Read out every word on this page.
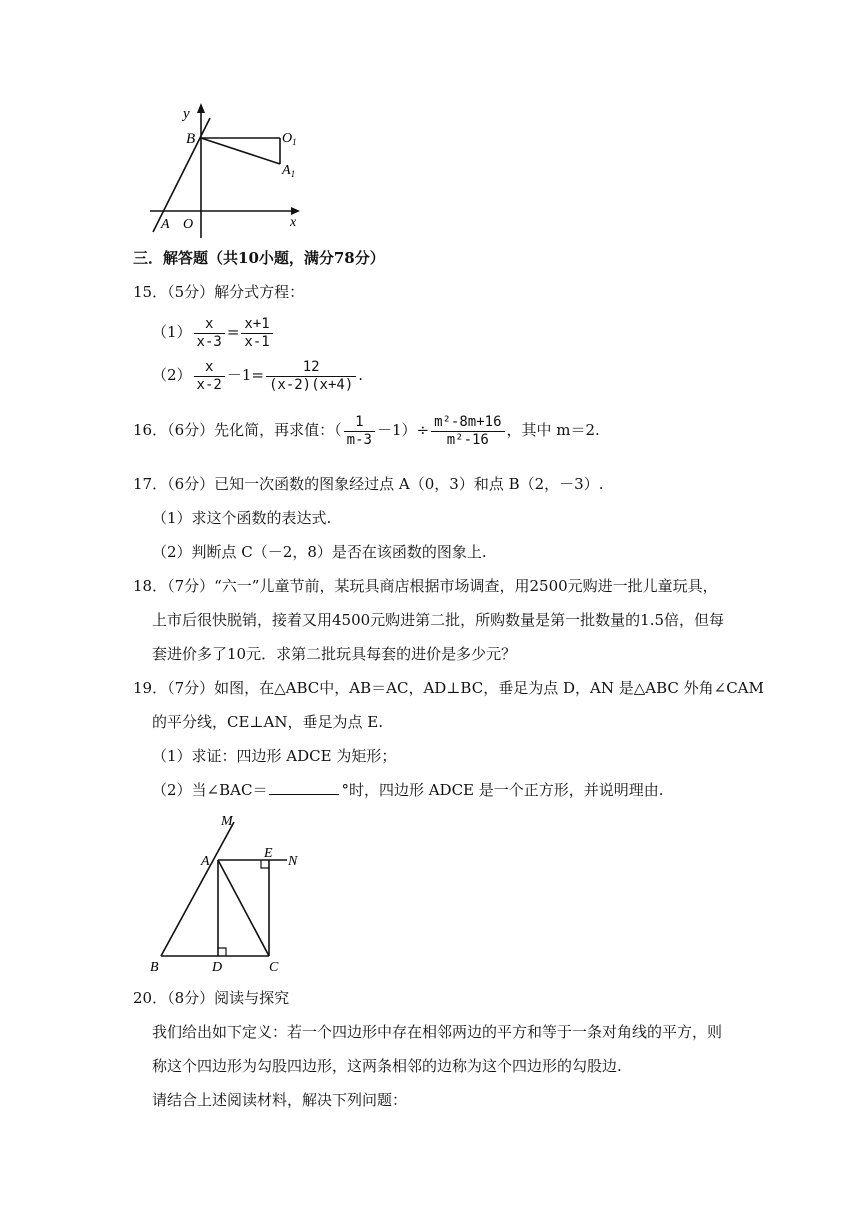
y
B	$O_1$
$A_1$
A O	x
三．解答题（共10小题，满分78分）
15．（5分）解分式方程：
$(1) \frac{x}{x-3} = \frac{x+1}{x-1}$
$(2) \frac{x}{x-2} -1= \frac{12}{(x-2)(x+4)}$ .
16．（6分）先化简，再求值：（ $\frac{1}{m-3} -1)\div \frac{\text{m²-8m+16}}{\text{m²-16}}$ ，其中 m＝2.
17．（6分）已知一次函数的图象经过点 A（0，3）和点 B（2，－3）.
（1）求这个函数的表达式.
（2）判断点 C（－2，8）是否在该函数的图象上.
18．（7分）“六一”儿童节前，某玩具商店根据市场调查，用2500元购进一批儿童玩具，
上市后很快脱销，接着又用4500元购进第二批，所购数量是第一批数量的1.5倍，但每
套进价多了10元．求第二批玩具每套的进价是多少元？
19．（7分）如图，在△ABC中，AB＝AC，AD⊥BC，垂足为点 D，AN 是△ABC 外角∠CAM
的平分线，CE⊥AN，垂足为点 E.
（1）求证：四边形 ADCE 为矩形；
（2）当∠BAC＝	°时，四边形 ADCE 是一个正方形，并说明理由.
M
A
E
N
B	D	C
20．（8分）阅读与探究
我们给出如下定义：若一个四边形中存在相邻两边的平方和等于一条对角线的平方，则
称这个四边形为勾股四边形，这两条相邻的边称为这个四边形的勾股边.
请结合上述阅读材料，解决下列问题：
